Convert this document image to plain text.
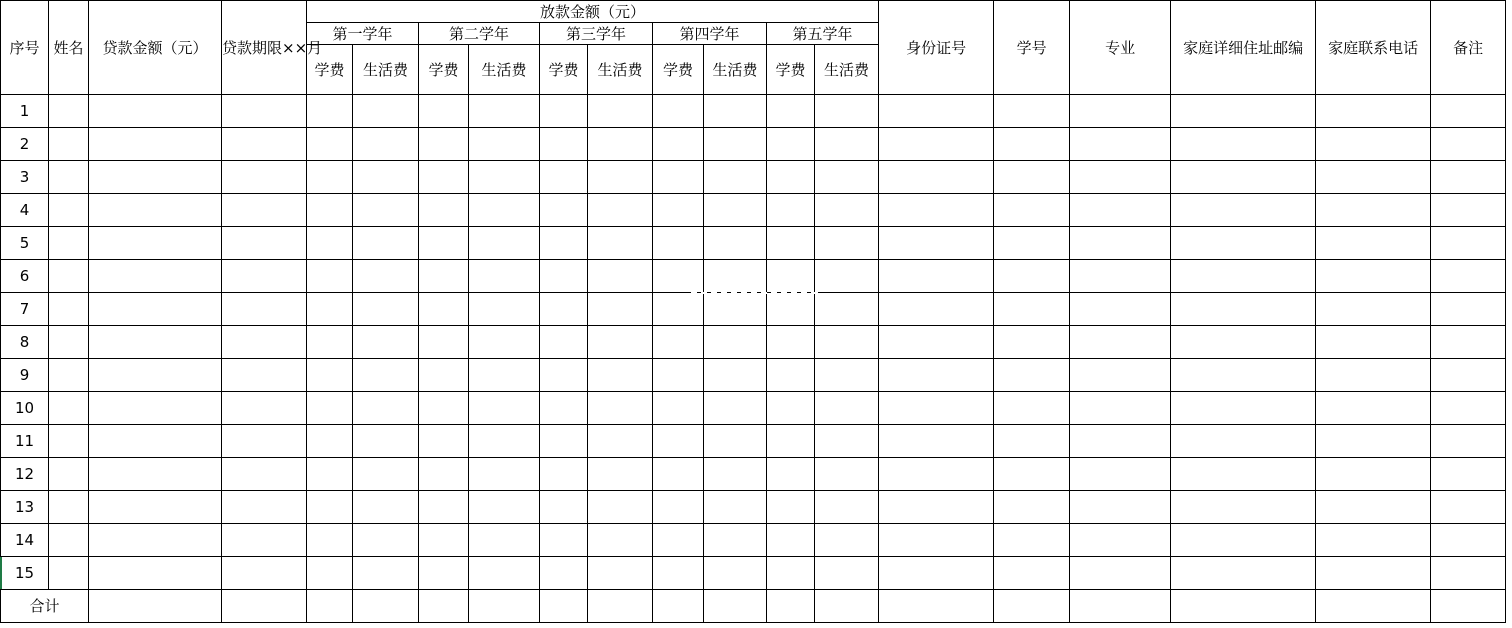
序号	姓名	贷款金额（元）	贷款期限××月	放款金额（元）										身份证号	学号	专业	家庭详细住址邮编	家庭联系电话	备注
				第一学年		第二学年		第三学年		第四学年		第五学年							
				学费	生活费	学费	生活费	学费	生活费	学费	生活费	学费	生活费						
1																			
2																			
3																			
4																			
5																			
6																			
7																			
8																			
9																			
10																			
11																			
12																			
13																			
14																			
15																			
合计																			
